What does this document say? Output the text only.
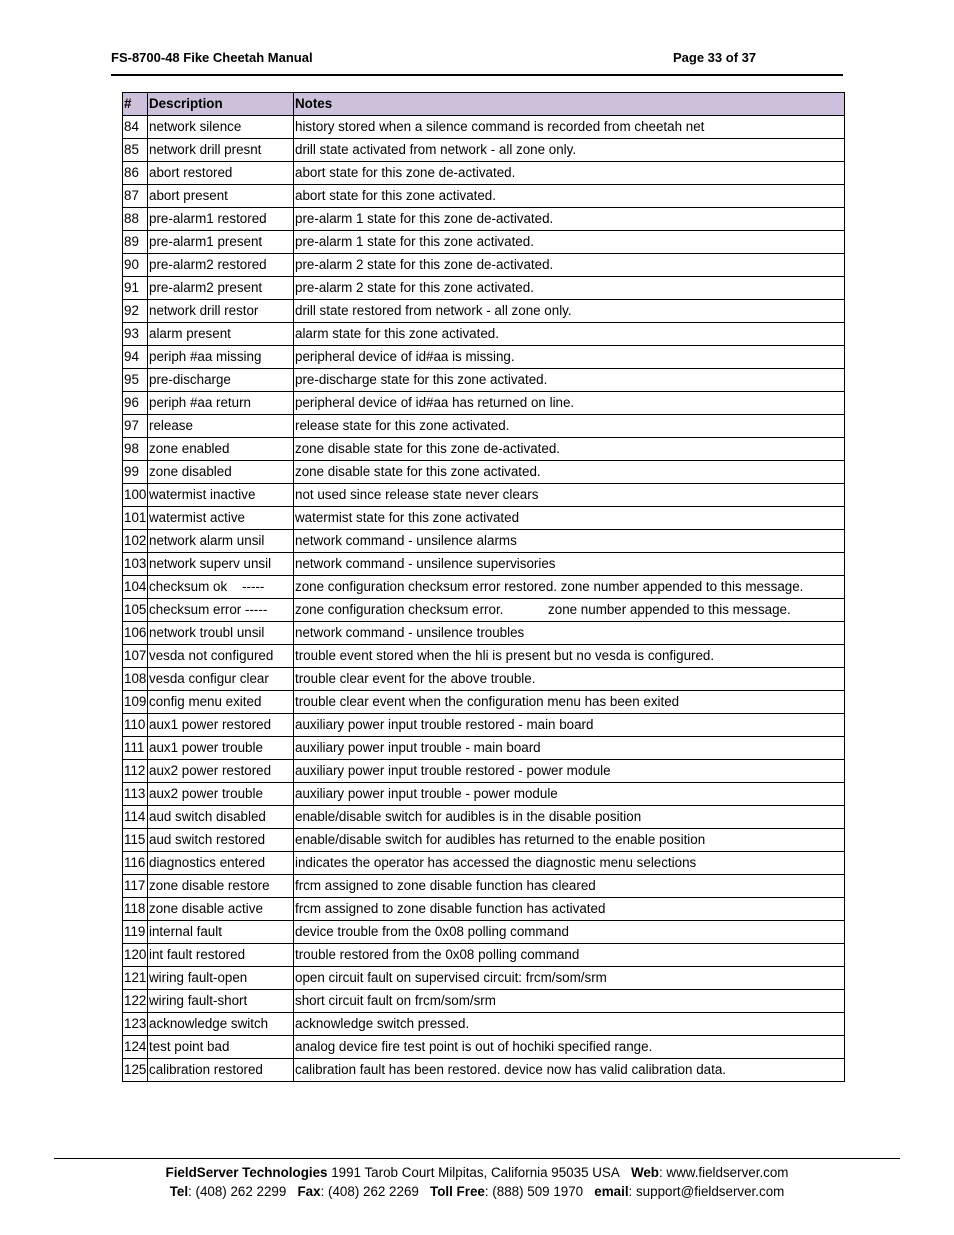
FS-8700-48 Fike Cheetah Manual	Page 33 of 37
#	Description	Notes
84	network silence	history stored when a silence command is recorded from cheetah net
85	network drill presnt	drill state activated from network - all zone only.
86	abort restored	abort state for this zone de-activated.
87	abort present	abort state for this zone activated.
88	pre-alarm1 restored	pre-alarm 1 state for this zone de-activated.
89	pre-alarm1 present	pre-alarm 1 state for this zone activated.
90	pre-alarm2 restored	pre-alarm 2 state for this zone de-activated.
91	pre-alarm2 present	pre-alarm 2 state for this zone activated.
92	network drill restor	drill state restored from network - all zone only.
93	alarm present	alarm state for this zone activated.
94	periph #aa missing	peripheral device of id#aa is missing.
95	pre-discharge	pre-discharge state for this zone activated.
96	periph #aa return	peripheral device of id#aa has returned on line.
97	release	release state for this zone activated.
98	zone enabled	zone disable state for this zone de-activated.
99	zone disabled	zone disable state for this zone activated.
100	watermist inactive	not used since release state never clears
101	watermist active	watermist state for this zone activated
102	network alarm unsil	network command - unsilence alarms
103	network superv unsil	network command - unsilence supervisories
104	checksum ok    -----	zone configuration checksum error restored. zone number appended to this message.
105	checksum error -----	zone configuration checksum error.            zone number appended to this message.
106	network troubl unsil	network command - unsilence troubles
107	vesda not configured	trouble event stored when the hli is present but no vesda is configured.
108	vesda configur clear	trouble clear event for the above trouble.
109	config menu exited	trouble clear event when the configuration menu has been exited
110	aux1 power restored	auxiliary power input trouble restored - main board
111	aux1 power trouble	auxiliary power input trouble - main board
112	aux2 power restored	auxiliary power input trouble restored - power module
113	aux2 power trouble	auxiliary power input trouble - power module
114	aud switch disabled	enable/disable switch for audibles is in the disable position
115	aud switch restored	enable/disable switch for audibles has returned to the enable position
116	diagnostics entered	indicates the operator has accessed the diagnostic menu selections
117	zone disable restore	frcm assigned to zone disable function has cleared
118	zone disable active	frcm assigned to zone disable function has activated
119	internal fault	device trouble from the 0x08 polling command
120	int fault restored	trouble restored from the 0x08 polling command
121	wiring fault-open	open circuit fault on supervised circuit: frcm/som/srm
122	wiring fault-short	short circuit fault on frcm/som/srm
123	acknowledge switch	acknowledge switch pressed.
124	test point bad	analog device fire test point is out of hochiki specified range.
125	calibration restored	calibration fault has been restored. device now has valid calibration data.
FieldServer Technologies 1991 Tarob Court Milpitas, California 95035 USA Web: www.fieldserver.com
Tel: (408) 262 2299 Fax: (408) 262 2269 Toll Free: (888) 509 1970 email: support@fieldserver.com
